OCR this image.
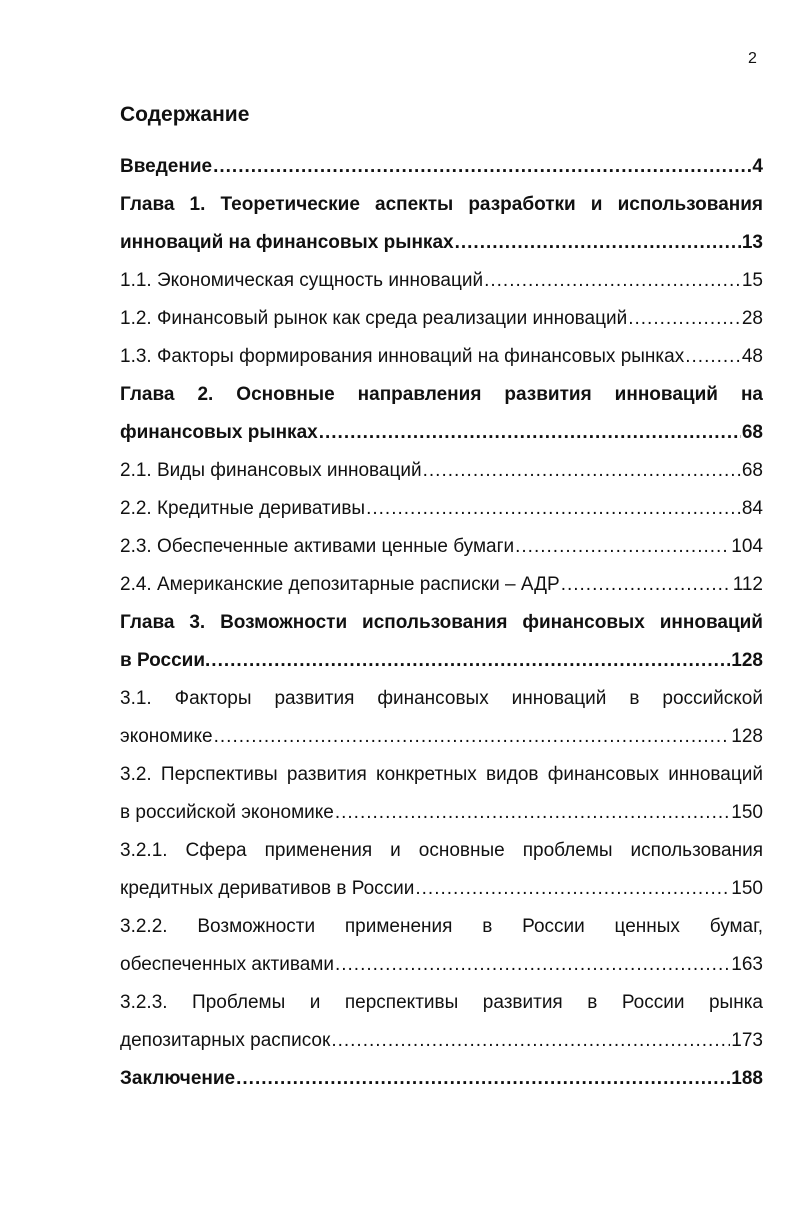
2
Содержание
Введение .....	4
Глава 1. Теоретические аспекты разработки и использования
инноваций на финансовых рынках .....	13
1.1. Экономическая сущность инноваций .....	15
1.2. Финансовый рынок как среда реализации инноваций .....	28
1.3. Факторы формирования инноваций на финансовых рынках .....	48
Глава 2. Основные направления развития инноваций на
финансовых рынках .....	68
2.1. Виды финансовых инноваций .....	68
2.2. Кредитные деривативы .....	84
2.3. Обеспеченные активами ценные бумаги .....	104
2.4. Американские депозитарные расписки – АДР .....	112
Глава 3. Возможности использования финансовых инноваций
в России. .....	128
3.1. Факторы развития финансовых инноваций в российской
экономике .....	128
3.2. Перспективы развития конкретных видов финансовых инноваций
в российской экономике .....	150
3.2.1. Сфера применения и основные проблемы использования
кредитных деривативов в России .....	150
3.2.2. Возможности применения в России ценных бумаг,
обеспеченных активами .....	163
3.2.3. Проблемы и перспективы развития в России рынка
депозитарных расписок .....	173
Заключение .....	188
